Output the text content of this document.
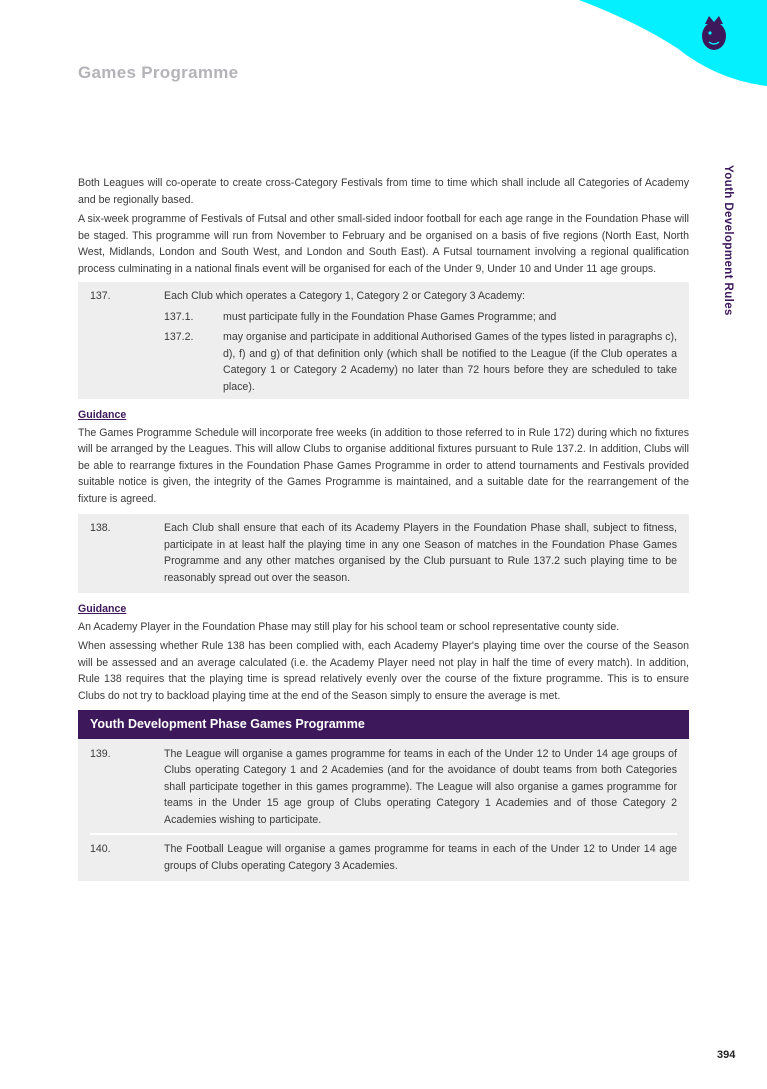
Games Programme
Youth Development Rules

Both Leagues will co-operate to create cross-Category Festivals from time to time which shall include all Categories of Academy and be regionally based.

A six-week programme of Festivals of Futsal and other small-sided indoor football for each age range in the Foundation Phase will be staged. This programme will run from November to February and be organised on a basis of five regions (North East, North West, Midlands, London and South West, and London and South East). A Futsal tournament involving a regional qualification process culminating in a national finals event will be organised for each of the Under 9, Under 10 and Under 11 age groups.

137.	Each Club which operates a Category 1, Category 2 or Category 3 Academy:
137.1.	must participate fully in the Foundation Phase Games Programme; and
137.2.	may organise and participate in additional Authorised Games of the types listed in paragraphs c), d), f) and g) of that definition only (which shall be notified to the League (if the Club operates a Category 1 or Category 2 Academy) no later than 72 hours before they are scheduled to take place).
Guidance

The Games Programme Schedule will incorporate free weeks (in addition to those referred to in Rule 172) during which no fixtures will be arranged by the Leagues. This will allow Clubs to organise additional fixtures pursuant to Rule 137.2. In addition, Clubs will be able to rearrange fixtures in the Foundation Phase Games Programme in order to attend tournaments and Festivals provided suitable notice is given, the integrity of the Games Programme is maintained, and a suitable date for the rearrangement of the fixture is agreed.

138.	Each Club shall ensure that each of its Academy Players in the Foundation Phase shall, subject to fitness, participate in at least half the playing time in any one Season of matches in the Foundation Phase Games Programme and any other matches organised by the Club pursuant to Rule 137.2 such playing time to be reasonably spread out over the season.
Guidance

An Academy Player in the Foundation Phase may still play for his school team or school representative county side.

When assessing whether Rule 138 has been complied with, each Academy Player's playing time over the course of the Season will be assessed and an average calculated (i.e. the Academy Player need not play in half the time of every match). In addition, Rule 138 requires that the playing time is spread relatively evenly over the course of the fixture programme. This is to ensure Clubs do not try to backload playing time at the end of the Season simply to ensure the average is met.

Youth Development Phase Games Programme
139.	The League will organise a games programme for teams in each of the Under 12 to Under 14 age groups of Clubs operating Category 1 and 2 Academies (and for the avoidance of doubt teams from both Categories shall participate together in this games programme). The League will also organise a games programme for teams in the Under 15 age group of Clubs operating Category 1 Academies and of those Category 2 Academies wishing to participate.
140.	The Football League will organise a games programme for teams in each of the Under 12 to Under 14 age groups of Clubs operating Category 3 Academies.
394
